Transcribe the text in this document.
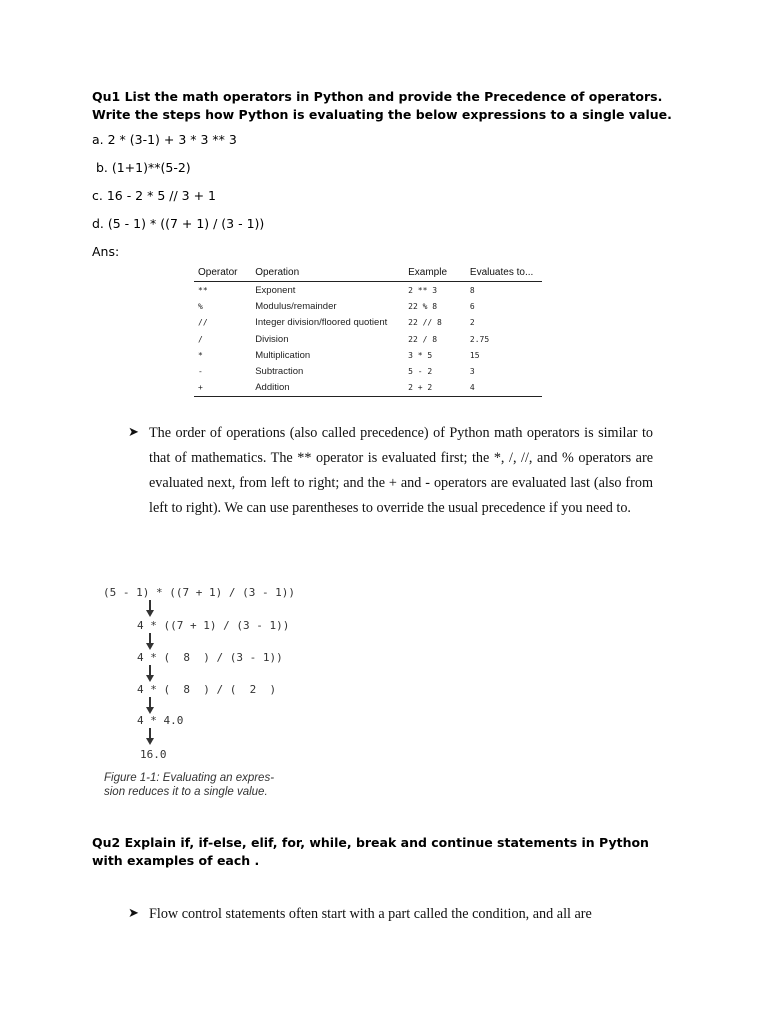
Qu1 List the math operators in Python and provide the Precedence of operators. Write the steps how Python is evaluating the below expressions to a single value.
a. 2 * (3-1) + 3 * 3 ** 3
b. (1+1)**(5-2)
c. 16 - 2 * 5 // 3 + 1
d. (5 - 1) * ((7 + 1) / (3 - 1))
Ans:
Operator	Operation	Example	Evaluates to...
**	Exponent	2 ** 3	8
%	Modulus/remainder	22 % 8	6
//	Integer division/floored quotient	22 // 8	2
/	Division	22 / 8	2.75
*	Multiplication	3 * 5	15
-	Subtraction	5 - 2	3
+	Addition	2 + 2	4
➤ The order of operations (also called precedence) of Python math operators is similar to that of mathematics. The ** operator is evaluated first; the *, /, //, and % operators are evaluated next, from left to right; and the + and - operators are evaluated last (also from left to right). We can use parentheses to override the usual precedence if you need to.
(5 - 1) * ((7 + 1) / (3 - 1))
4 * ((7 + 1) / (3 - 1))
4 * (  8  ) / (3 - 1))
4 * (  8  ) / (  2  )
4 * 4.0
16.0
Figure 1-1: Evaluating an expres-
sion reduces it to a single value.
Qu2 Explain if, if-else, elif, for, while, break and continue statements in Python with examples of each .
➤ Flow control statements often start with a part called the condition, and all are
